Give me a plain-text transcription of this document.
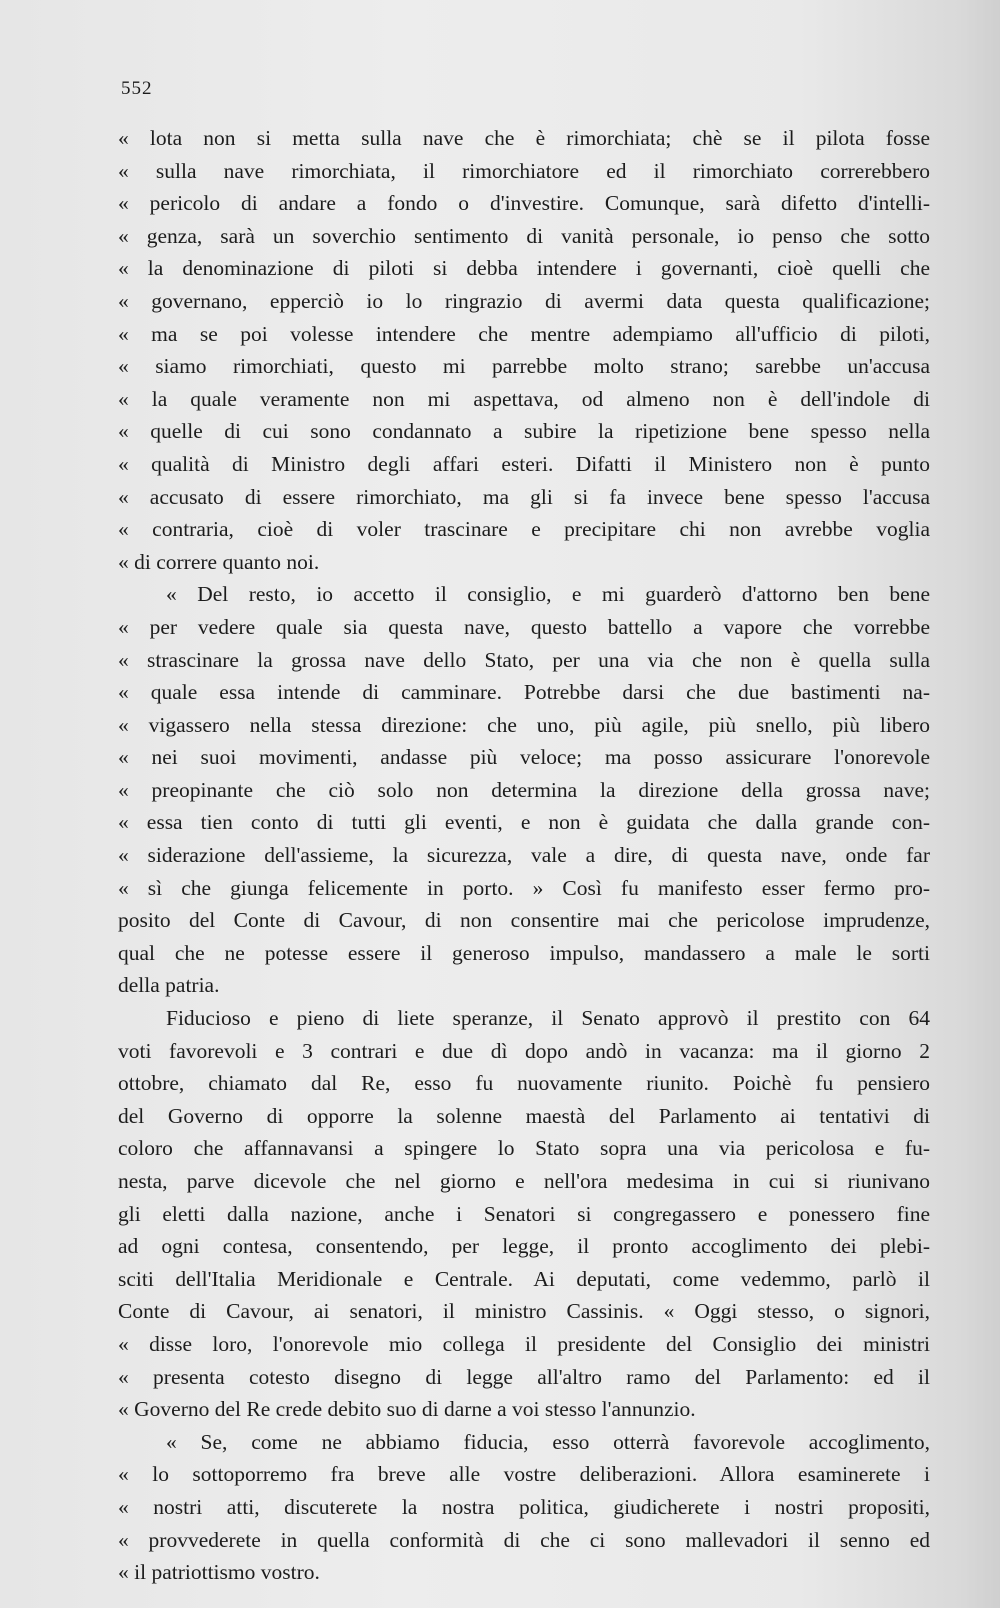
552
« lota non si metta sulla nave che è rimorchiata; chè se il pilota fosse
« sulla nave rimorchiata, il rimorchiatore ed il rimorchiato correrebbero
« pericolo di andare a fondo o d'investire. Comunque, sarà difetto d'intelli-
« genza, sarà un soverchio sentimento di vanità personale, io penso che sotto
« la denominazione di piloti si debba intendere i governanti, cioè quelli che
« governano, epperciò io lo ringrazio di avermi data questa qualificazione;
« ma se poi volesse intendere che mentre adempiamo all'ufficio di piloti,
« siamo rimorchiati, questo mi parrebbe molto strano; sarebbe un'accusa
« la quale veramente non mi aspettava, od almeno non è dell'indole di
« quelle di cui sono condannato a subire la ripetizione bene spesso nella
« qualità di Ministro degli affari esteri. Difatti il Ministero non è punto
« accusato di essere rimorchiato, ma gli si fa invece bene spesso l'accusa
« contraria, cioè di voler trascinare e precipitare chi non avrebbe voglia
« di correre quanto noi.
« Del resto, io accetto il consiglio, e mi guarderò d'attorno ben bene
« per vedere quale sia questa nave, questo battello a vapore che vorrebbe
« strascinare la grossa nave dello Stato, per una via che non è quella sulla
« quale essa intende di camminare. Potrebbe darsi che due bastimenti na-
« vigassero nella stessa direzione: che uno, più agile, più snello, più libero
« nei suoi movimenti, andasse più veloce; ma posso assicurare l'onorevole
« preopinante che ciò solo non determina la direzione della grossa nave;
« essa tien conto di tutti gli eventi, e non è guidata che dalla grande con-
« siderazione dell'assieme, la sicurezza, vale a dire, di questa nave, onde far
« sì che giunga felicemente in porto. » Così fu manifesto esser fermo pro-
posito del Conte di Cavour, di non consentire mai che pericolose imprudenze,
qual che ne potesse essere il generoso impulso, mandassero a male le sorti
della patria.
Fiducioso e pieno di liete speranze, il Senato approvò il prestito con 64
voti favorevoli e 3 contrari e due dì dopo andò in vacanza: ma il giorno 2
ottobre, chiamato dal Re, esso fu nuovamente riunito. Poichè fu pensiero
del Governo di opporre la solenne maestà del Parlamento ai tentativi di
coloro che affannavansi a spingere lo Stato sopra una via pericolosa e fu-
nesta, parve dicevole che nel giorno e nell'ora medesima in cui si riunivano
gli eletti dalla nazione, anche i Senatori si congregassero e ponessero fine
ad ogni contesa, consentendo, per legge, il pronto accoglimento dei plebi-
sciti dell'Italia Meridionale e Centrale. Ai deputati, come vedemmo, parlò il
Conte di Cavour, ai senatori, il ministro Cassinis. « Oggi stesso, o signori,
« disse loro, l'onorevole mio collega il presidente del Consiglio dei ministri
« presenta cotesto disegno di legge all'altro ramo del Parlamento: ed il
« Governo del Re crede debito suo di darne a voi stesso l'annunzio.
« Se, come ne abbiamo fiducia, esso otterrà favorevole accoglimento,
« lo sottoporremo fra breve alle vostre deliberazioni. Allora esaminerete i
« nostri atti, discuterete la nostra politica, giudicherete i nostri propositi,
« provvederete in quella conformità di che ci sono mallevadori il senno ed
« il patriottismo vostro.
